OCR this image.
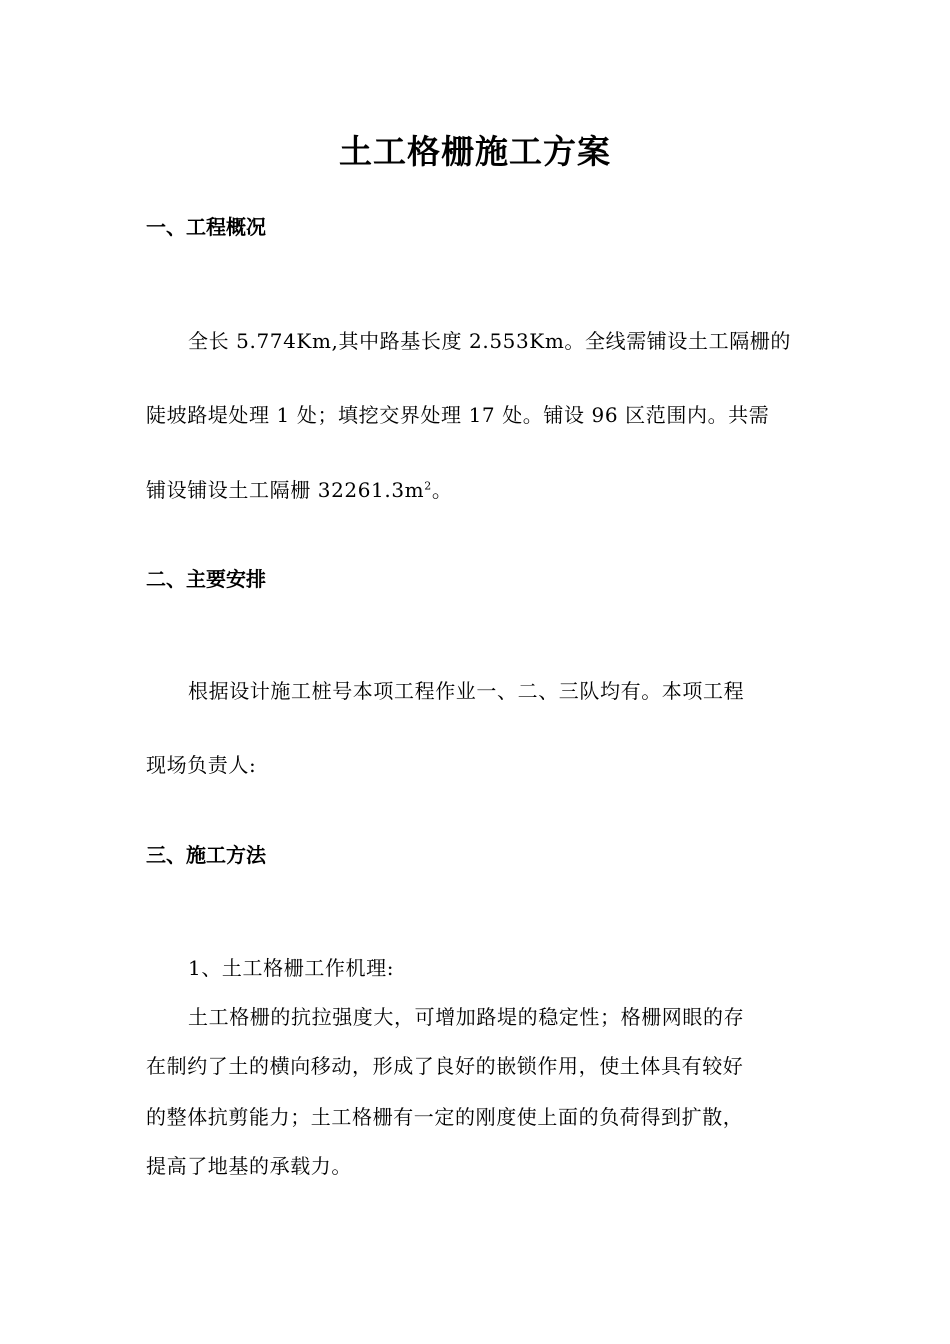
土工格栅施工方案
一、工程概况
全长 5.774Km,其中路基长度 2.553Km。全线需铺设土工隔栅的
陡坡路堤处理 1 处；填挖交界处理 17 处。铺设 96 区范围内。共需
铺设铺设土工隔栅 $32261.3m^2$。
二、主要安排
根据设计施工桩号本项工程作业一、二、三队均有。本项工程
现场负责人:
三、施工方法
1、土工格栅工作机理:
土工格栅的抗拉强度大，可增加路堤的稳定性；格栅网眼的存
在制约了土的横向移动，形成了良好的嵌锁作用，使土体具有较好
的整体抗剪能力；土工格栅有一定的刚度使上面的负荷得到扩散，
提高了地基的承载力。
